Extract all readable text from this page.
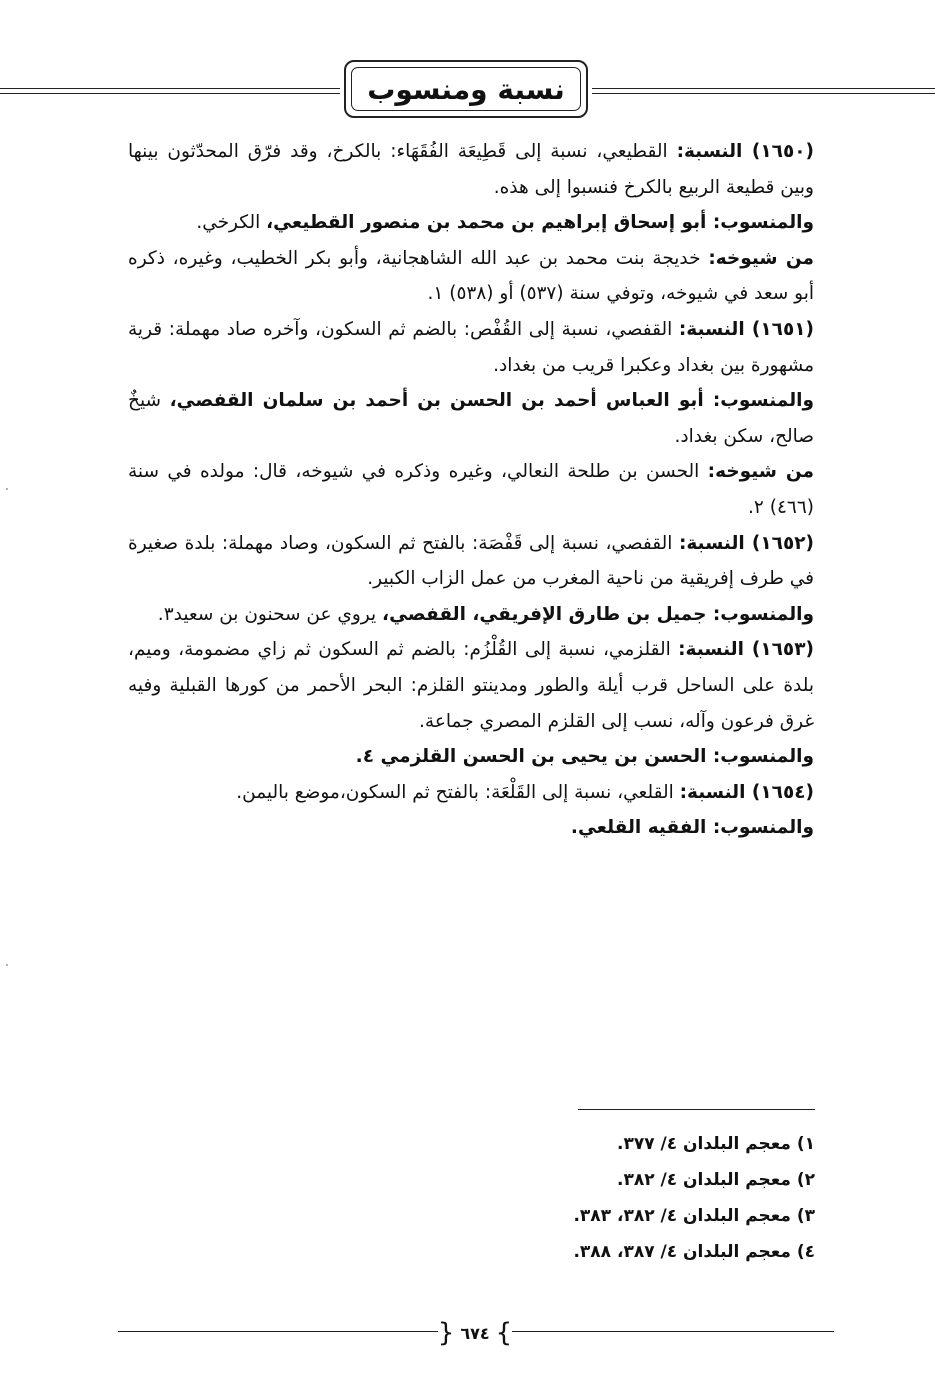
نسبة ومنسوب

(١٦٥٠) النسبة: القطيعي، نسبة إلى قَطِيعَة الفُقَهَاء: بالكرخ، وقد فرّق المحدّثون بينها وبين قطيعة الربيع بالكرخ فنسبوا إلى هذه.

والمنسوب: أبو إسحاق إبراهيم بن محمد بن منصور القطيعي، الكرخي.

من شيوخه: خديجة بنت محمد بن عبد الله الشاهجانية، وأبو بكر الخطيب، وغيره، ذكره أبو سعد في شيوخه، وتوفي سنة (٥٣٧) أو (٥٣٨) ١.

(١٦٥١) النسبة: القفصي، نسبة إلى القُفْص: بالضم ثم السكون، وآخره صاد مهملة: قرية مشهورة بين بغداد وعكبرا قريب من بغداد.

والمنسوب: أبو العباس أحمد بن الحسن بن أحمد بن سلمان القفصي، شيخٌ صالح، سكن بغداد.

من شيوخه: الحسن بن طلحة النعالي، وغيره وذكره في شيوخه، قال: مولده في سنة (٤٦٦) ٢.

(١٦٥٢) النسبة: القفصي، نسبة إلى قَفْصَة: بالفتح ثم السكون، وصاد مهملة: بلدة صغيرة في طرف إفريقية من ناحية المغرب من عمل الزاب الكبير.

والمنسوب: جميل بن طارق الإفريقي، القفصي، يروي عن سحنون بن سعيد٣.

(١٦٥٣) النسبة: القلزمي، نسبة إلى القُلْزُم: بالضم ثم السكون ثم زاي مضمومة، وميم، بلدة على الساحل قرب أيلة والطور ومدينتو القلزم: البحر الأحمر من كورها القبلية وفيه غرق فرعون وآله، نسب إلى القلزم المصري جماعة.

والمنسوب: الحسن بن يحيى بن الحسن القلزمي ٤.

(١٦٥٤) النسبة: القلعي، نسبة إلى القَلْعَة: بالفتح ثم السكون،موضع باليمن.

والمنسوب: الفقيه القلعي.

١) معجم البلدان ٤/ ٣٧٧.
٢) معجم البلدان ٤/ ٣٨٢.
٣) معجم البلدان ٤/ ٣٨٢، ٣٨٣.
٤) معجم البلدان ٤/ ٣٨٧، ٣٨٨.
}
٦٧٤
{
